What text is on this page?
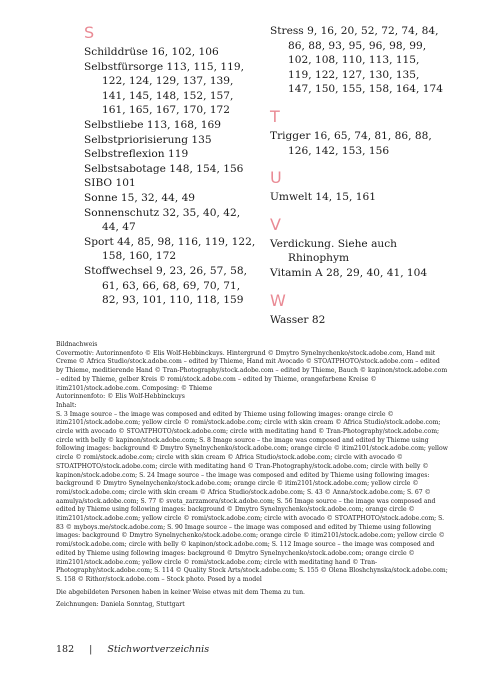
S
Schilddrüse 16, 102, 106
Selbstfürsorge 113, 115, 119, 122, 124, 129, 137, 139, 141, 145, 148, 152, 157, 161, 165, 167, 170, 172
Selbstliebe 113, 168, 169
Selbstpriorisierung 135
Selbstreflexion 119
Selbstsabotage 148, 154, 156
SIBO 101
Sonne 15, 32, 44, 49
Sonnenschutz 32, 35, 40, 42, 44, 47
Sport 44, 85, 98, 116, 119, 122, 158, 160, 172
Stoffwechsel 9, 23, 26, 57, 58, 61, 63, 66, 68, 69, 70, 71, 82, 93, 101, 110, 118, 159
Stress 9, 16, 20, 52, 72, 74, 84, 86, 88, 93, 95, 96, 98, 99, 102, 108, 110, 113, 115, 119, 122, 127, 130, 135, 147, 150, 155, 158, 164, 174
T
Trigger 16, 65, 74, 81, 86, 88, 126, 142, 153, 156
U
Umwelt 14, 15, 161
V
Verdickung. Siehe auch Rhinophym
Vitamin A 28, 29, 40, 41, 104
W
Wasser 82

Bildnachweis

Covermotiv: Autorinnenfoto © Elis Wolf-Hebbinckuys. Hintergrund © Dmytro Synelnychenko/stock.adobe.com, Hand mit Creme © Africa Studio/stock.adobe.com – edited by Thieme, Hand mit Avocado © STOATPHOTO/stock.adobe.com – edited by Thieme, meditierende Hand © Tran-Photography/stock.adobe.com – edited by Thieme, Bauch © kapinon/stock.adobe.com – edited by Thieme, gelber Kreis © romi/stock.adobe.com – edited by Thieme, orangefarbene Kreise © itim2101/stock.adobe.com. Composing: © Thieme

Autorinnenfoto: © Elis Wolf-Hebbinckuys

Inhalt:

S. 3 Image source – the image was composed and edited by Thieme using following images: orange circle © itim2101/stock.adobe.com; yellow circle © romi/stock.adobe.com; circle with skin cream © Africa Studio/stock.adobe.com; circle with avocado © STOATPHOTO/stock.adobe.com; circle with meditating hand © Tran-Photography/stock.adobe.com; circle with belly © kapinon/stock.adobe.com; S. 8 Image source – the image was composed and edited by Thieme using following images: background © Dmytro Synelnychenko/stock.adobe.com; orange circle © itim2101/stock.adobe.com; yellow circle © romi/stock.adobe.com; circle with skin cream © Africa Studio/stock.adobe.com; circle with avocado © STOATPHOTO/stock.adobe.com; circle with meditating hand © Tran-Photography/stock.adobe.com; circle with belly © kapinon/stock.adobe.com; S. 24 Image source – the image was composed and edited by Thieme using following images: background © Dmytro Synelnychenko/stock.adobe.com; orange circle © itim2101/stock.adobe.com; yellow circle © romi/stock.adobe.com; circle with skin cream © Africa Studio/stock.adobe.com; S. 43 © Anna/stock.adobe.com; S. 67 © aamulya/stock.adobe.com; S. 77 © sveta_zarzamora/stock.adobe.com; S. 56 Image source – the image was composed and edited by Thieme using following images: background © Dmytro Synelnychenko/stock.adobe.com; orange circle © itim2101/stock.adobe.com; yellow circle © romi/stock.adobe.com; circle with avocado © STOATPHOTO/stock.adobe.com; S. 83 © myboys.me/stock.adobe.com; S. 90 Image source – the image was composed and edited by Thieme using following images: background © Dmytro Synelnychenko/stock.adobe.com; orange circle © itim2101/stock.adobe.com; yellow circle © romi/stock.adobe.com; circle with belly © kapinon/stock.adobe.com; S. 112 Image source – the image was composed and edited by Thieme using following images: background © Dmytro Synelnychenko/stock.adobe.com; orange circle © itim2101/stock.adobe.com; yellow circle © romi/stock.adobe.com; circle with meditating hand © Tran-Photography/stock.adobe.com; S. 114 © Quality Stock Arts/stock.adobe.com; S. 155 © Olena Bloshchynska/stock.adobe.com; S. 158 © Rithor/stock.adobe.com – Stock photo. Posed by a model

Die abgebildeten Personen haben in keiner Weise etwas mit dem Thema zu tun.

Zeichnungen: Daniela Sonntag, Stuttgart

182 | Stichwortverzeichnis
